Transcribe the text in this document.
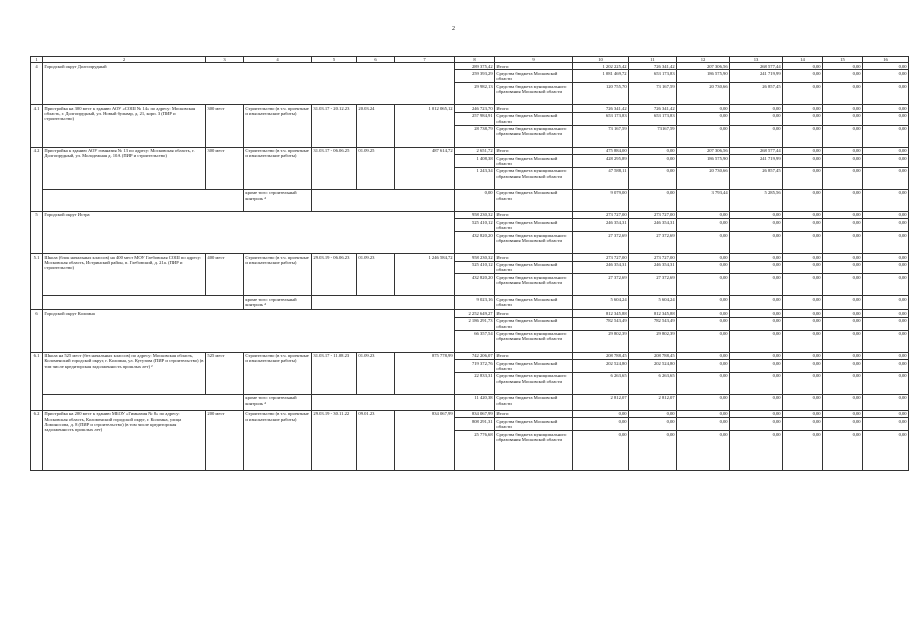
2
1	2	3	4	5	6	7	8	9	10	11	12	13	14	15	16
4	Городской округ Долгопрудный						289 375,42	Итого:	1 202 225,42	726 341,42	207 306,56	268 577,44	0,00	0,00	0,00
							259 393,29	Средства бюджета Московской области	1 081 469,72	653 173,83	186 575,90	241 719,99	0,00	0,00	0,00
							29 982,13	Средства бюджета муниципального образования Московской области	120 755,70	73 167,59	20 730,66	26 857,45	0,00	0,00	0,00
4.1	Пристройка на 300 мест к зданию АОУ «СОШ № 14» по адресу: Московская область, г. Долгопрудный, ул. Новый бульвар, д. 21, корп. 3 (ПИР и строительство)	300 мест	Строительство (в т.ч. проектные и изыскательские работы)	31.03.17 - 20.12.23	20.03.24	1 012 065,12	246 723,70	Итого:	726 341,42	726 341,42	0,00	0,00	0,00	0,00	0,00
							257 984,91	Средства бюджета Московской области	653 173,83	653 173,83	0,00	0,00	0,00	0,00	0,00
							28 738,79	Средства бюджета муниципального образования Московской области	73 167,59	73167,59	0,00	0,00	0,00	0,00	0,00
4.2	Пристройка к зданию АОУ гимназия № 13 по адресу: Московская область, г. Долгопрудный, ул. Молодежная д. 10А (ПИР и строительство)	300 мест	Строительство (в т.ч. проектные и изыскательские работы)	31.03.17 - 06.06.25	01.09.25	487 614,72	2 651,72	Итого:	475 884,00	0,00	207 306,56	268 577,44	0,00	0,00	0,00
							1 408,38	Средства бюджета Московской области	428 295,89	0,00	186 575,90	241 719,99	0,00	0,00	0,00
							1 243,34	Средства бюджета муниципального образования Московской области	47 588,11	0,00	20 730,66	26 857,45	0,00	0,00	0,00
			кроме того: строительный контроль ⁴				0,00	Средства бюджета Московской области	9 079,00	0,00	3 793,44	5 285,56	0,00	0,00	0,00
5	Городской округ Истра						958 230,32	Итого:	273 727,00	273 727,00	0,00	0,00	0,00	0,00	0,00
							525 410,12	Средства бюджета Московской области	246 354,31	246 354,31	0,00	0,00	0,00	0,00	0,00
							432 820,20	Средства бюджета муниципального образования Московской области	27 372,69	27 372,69	0,00	0,00	0,00	0,00	0,00
5.1	Школа (блок начальных классов) на 400 мест МОУ Глебовская СОШ по адресу: Московская область, Истринский район, п. Глебовский, д. 21а. (ПИР и строительство)	400 мест	Строительство (в т.ч. проектные и изыскательские работы)	29.03.19 - 06.06.23	01.09.23	1 246 584,72	958 230,32	Итого:	273 727,00	273 727,00	0,00	0,00	0,00	0,00	0,00
							525 410,12	Средства бюджета Московской области	246 354,31	246 354,31	0,00	0,00	0,00	0,00	0,00
							432 820,20	Средства бюджета муниципального образования Московской области	27 372,69	27 372,69	0,00	0,00	0,00	0,00	0,00
			кроме того: строительный контроль ⁴				9 023,16	Средства бюджета Московской области	5 604,24	5 604,24	0,00	0,00	0,00	0,00	0,00
6	Городской округ Коломна						2 252 649,27	Итого:	812 345,88	812 345,88	0,00	0,00	0,00	0,00	0,00
							2 186 291,73	Средства бюджета Московской области	782 543,49	782 543,49	0,00	0,00	0,00	0,00	0,00
							66 357,54	Средства бюджета муниципального образования Московской области	29 802,39	29 802,39	0,00	0,00	0,00	0,00	0,00
6.1	Школа на 525 мест (без начальных классов) по адресу: Московская область, Коломенский городской округ, г. Коломна, ул. Кутузова (ПИР и строительство) (в том числе кредиторская задолженность прошлых лет) ²	525 мест	Строительство (в т.ч. проектные и изыскательские работы)	31.03.17 - 11.08.23	01.09.23	875 778,99	742 206,07	Итого:	208 788,45	208 788,45	0,00	0,00	0,00	0,00	0,00
							719 372,76	Средства бюджета Московской области	202 524,80	202 524,80	0,00	0,00	0,00	0,00	0,00
							22 833,31	Средства бюджета муниципального образования Московской области	6 263,65	6 263,65	0,00	0,00	0,00	0,00	0,00
			кроме того: строительный контроль ⁴				11 420,38	Средства бюджета Московской области	2 812,07	2 812,07	0,00	0,00	0,00	0,00	0,00
6.2	Пристройка на 200 мест к зданию МБОУ «Гимназия № 8» по адресу: Московская область, Коломенский городской округ, г. Коломна, улица Ломоносова, д. 8 (ПИР и строительство) (в том числе кредиторская задолженность прошлых лет)	200 мест	Строительство (в т.ч. проектные и изыскательские работы)	29.03.19 - 30.11.22	09.01.23	834 067,99	834 067,99	Итого:	0,00	0,00	0,00	0,00	0,00	0,00	0,00
							808 291,31	Средства бюджета Московской области	0,00	0,00	0,00	0,00	0,00	0,00	0,00
							25 776,68	Средства бюджета муниципального образования Московской области	0,00	0,00	0,00	0,00	0,00	0,00	0,00
